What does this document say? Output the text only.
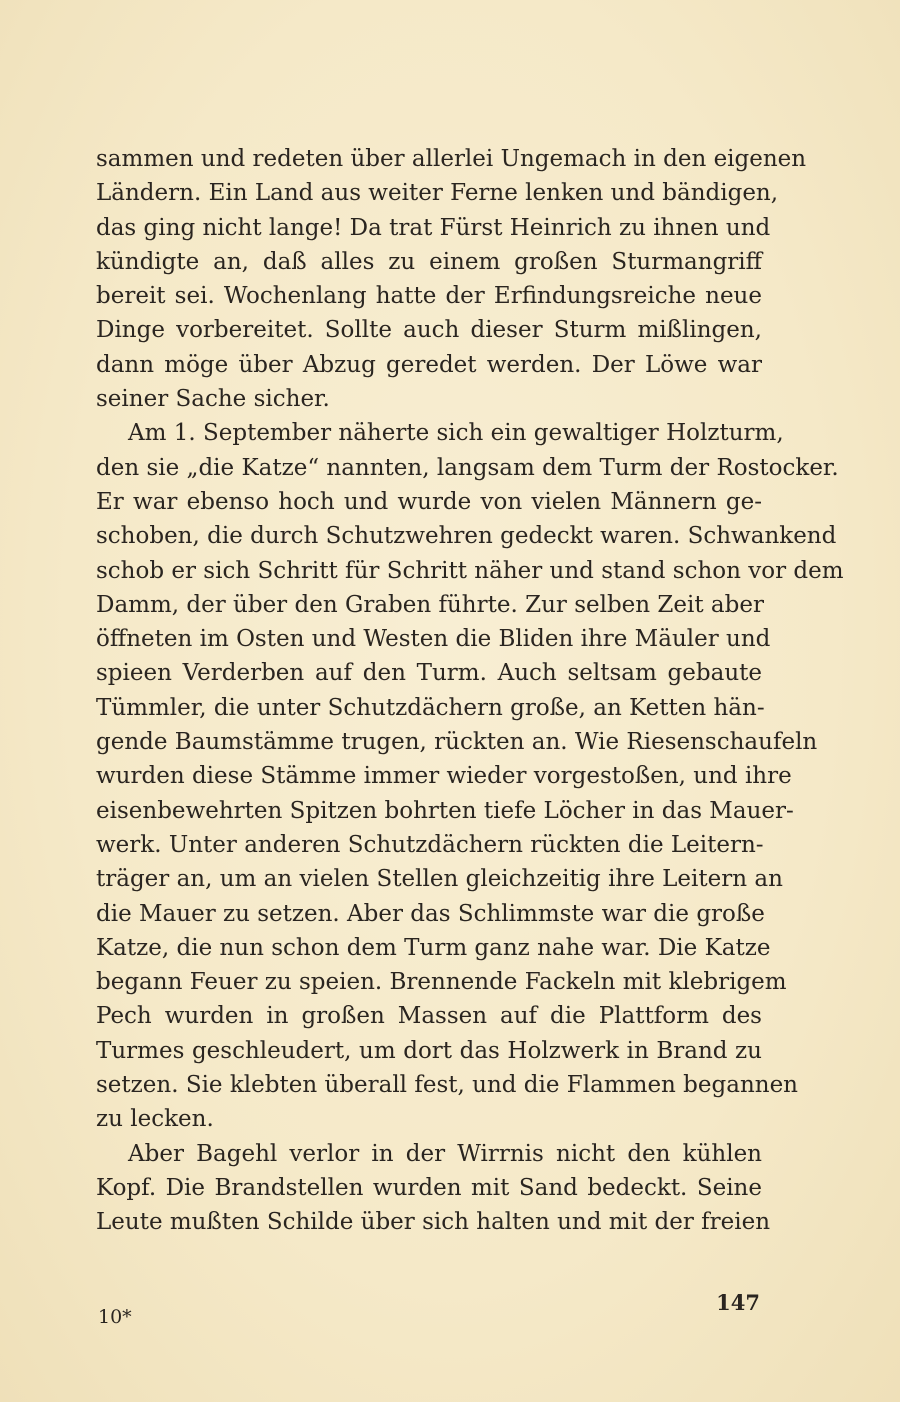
sammen und redeten über allerlei Ungemach in den eigenen
Ländern. Ein Land aus weiter Ferne lenken und bändigen,
das ging nicht lange! Da trat Fürst Heinrich zu ihnen und
kündigte an, daß alles zu einem großen Sturmangriff
bereit sei. Wochenlang hatte der Erfindungsreiche neue
Dinge vorbereitet. Sollte auch dieser Sturm mißlingen,
dann möge über Abzug geredet werden. Der Löwe war
seiner Sache sicher.
Am 1. September näherte sich ein gewaltiger Holzturm,
den sie „die Katze“ nannten, langsam dem Turm der Rostocker.
Er war ebenso hoch und wurde von vielen Männern ge-
schoben, die durch Schutzwehren gedeckt waren. Schwankend
schob er sich Schritt für Schritt näher und stand schon vor dem
Damm, der über den Graben führte. Zur selben Zeit aber
öffneten im Osten und Westen die Bliden ihre Mäuler und
spieen Verderben auf den Turm. Auch seltsam gebaute
Tümmler, die unter Schutzdächern große, an Ketten hän-
gende Baumstämme trugen, rückten an. Wie Riesenschaufeln
wurden diese Stämme immer wieder vorgestoßen, und ihre
eisenbewehrten Spitzen bohrten tiefe Löcher in das Mauer-
werk. Unter anderen Schutzdächern rückten die Leitern-
träger an, um an vielen Stellen gleichzeitig ihre Leitern an
die Mauer zu setzen. Aber das Schlimmste war die große
Katze, die nun schon dem Turm ganz nahe war. Die Katze
begann Feuer zu speien. Brennende Fackeln mit klebrigem
Pech wurden in großen Massen auf die Plattform des
Turmes geschleudert, um dort das Holzwerk in Brand zu
setzen. Sie klebten überall fest, und die Flammen begannen
zu lecken.
Aber Bagehl verlor in der Wirrnis nicht den kühlen
Kopf. Die Brandstellen wurden mit Sand bedeckt. Seine
Leute mußten Schilde über sich halten und mit der freien
10*
147
